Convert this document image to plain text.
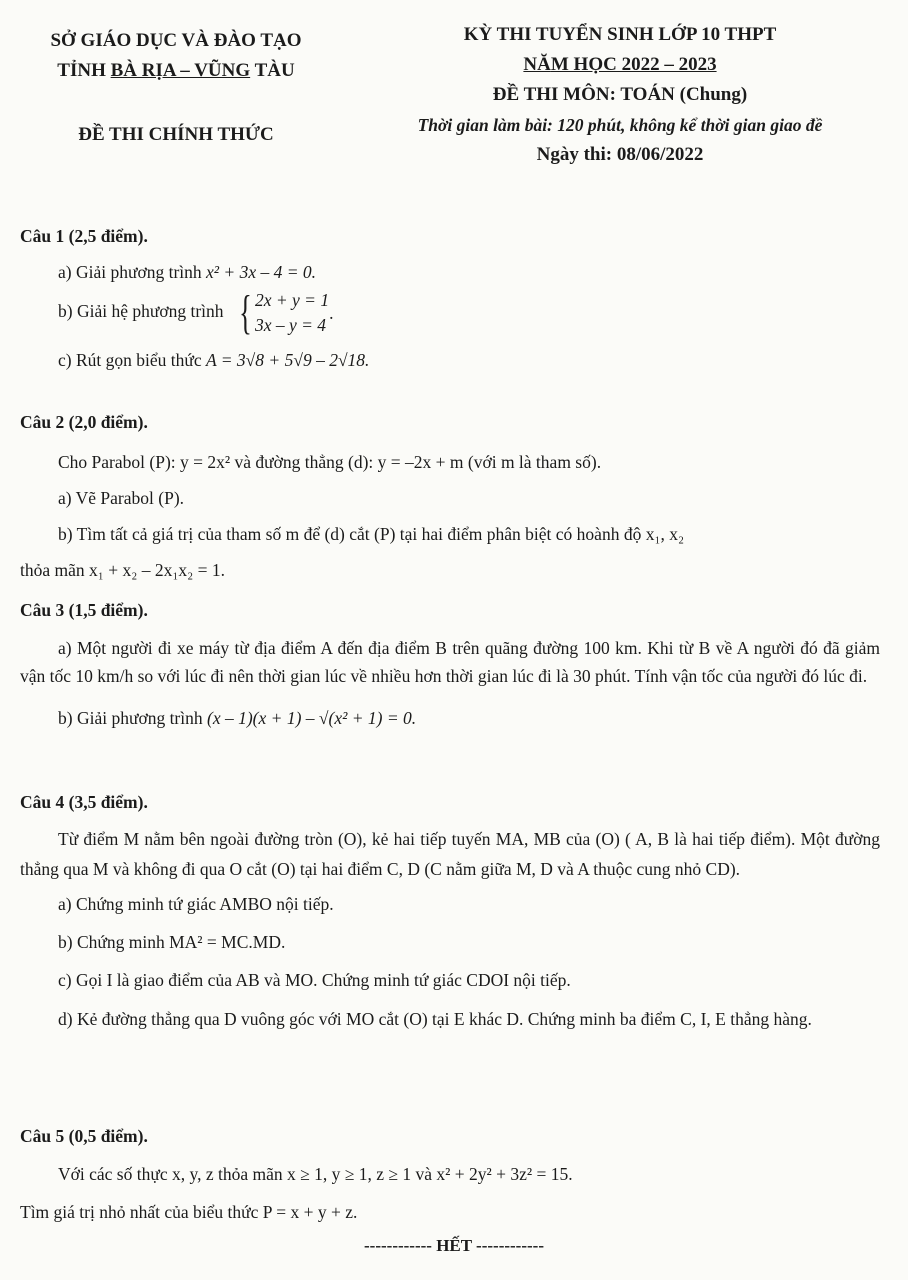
SỞ GIÁO DỤC VÀ ĐÀO TẠO
TỈNH BÀ RỊA – VŨNG TÀU
ĐỀ THI CHÍNH THỨC
KỲ THI TUYỂN SINH LỚP 10 THPT
NĂM HỌC 2022 – 2023
ĐỀ THI MÔN: TOÁN (Chung)
Thời gian làm bài: 120 phút, không kể thời gian giao đề
Ngày thi: 08/06/2022

Câu 1 (2,5 điểm).

a) Giải phương trình x² + 3x – 4 = 0.

b) Giải hệ phương trình { 2x + y = 1
3x – y = 4
.

c) Rút gọn biểu thức A = 3√8 + 5√9 – 2√18.

Câu 2 (2,0 điểm).

Cho Parabol (P): y = 2x² và đường thẳng (d): y = –2x + m (với m là tham số).

a) Vẽ Parabol (P).

b) Tìm tất cả giá trị của tham số m để (d) cắt (P) tại hai điểm phân biệt có hoành độ x₁, x₂

thỏa mãn x₁ + x₂ – 2x₁x₂ = 1.

Câu 3 (1,5 điểm).

a) Một người đi xe máy từ địa điểm A đến địa điểm B trên quãng đường 100 km. Khi từ B về A người đó đã giảm vận tốc 10 km/h so với lúc đi nên thời gian lúc về nhiều hơn thời gian lúc đi là 30 phút. Tính vận tốc của người đó lúc đi.

b) Giải phương trình (x – 1)(x + 1) – √(x² + 1) = 0.

Câu 4 (3,5 điểm).

Từ điểm M nằm bên ngoài đường tròn (O), kẻ hai tiếp tuyến MA, MB của (O) ( A, B là hai tiếp điểm). Một đường thẳng qua M và không đi qua O cắt (O) tại hai điểm C, D (C nằm giữa M, D và A thuộc cung nhỏ CD).

a) Chứng minh tứ giác AMBO nội tiếp.

b) Chứng minh MA² = MC.MD.

c) Gọi I là giao điểm của AB và MO. Chứng minh tứ giác CDOI nội tiếp.

d) Kẻ đường thẳng qua D vuông góc với MO cắt (O) tại E khác D. Chứng minh ba điểm C, I, E thẳng hàng.

Câu 5 (0,5 điểm).

Với các số thực x, y, z thỏa mãn x ≥ 1, y ≥ 1, z ≥ 1 và x² + 2y² + 3z² = 15.

Tìm giá trị nhỏ nhất của biểu thức P = x + y + z.

------------ HẾT ------------
